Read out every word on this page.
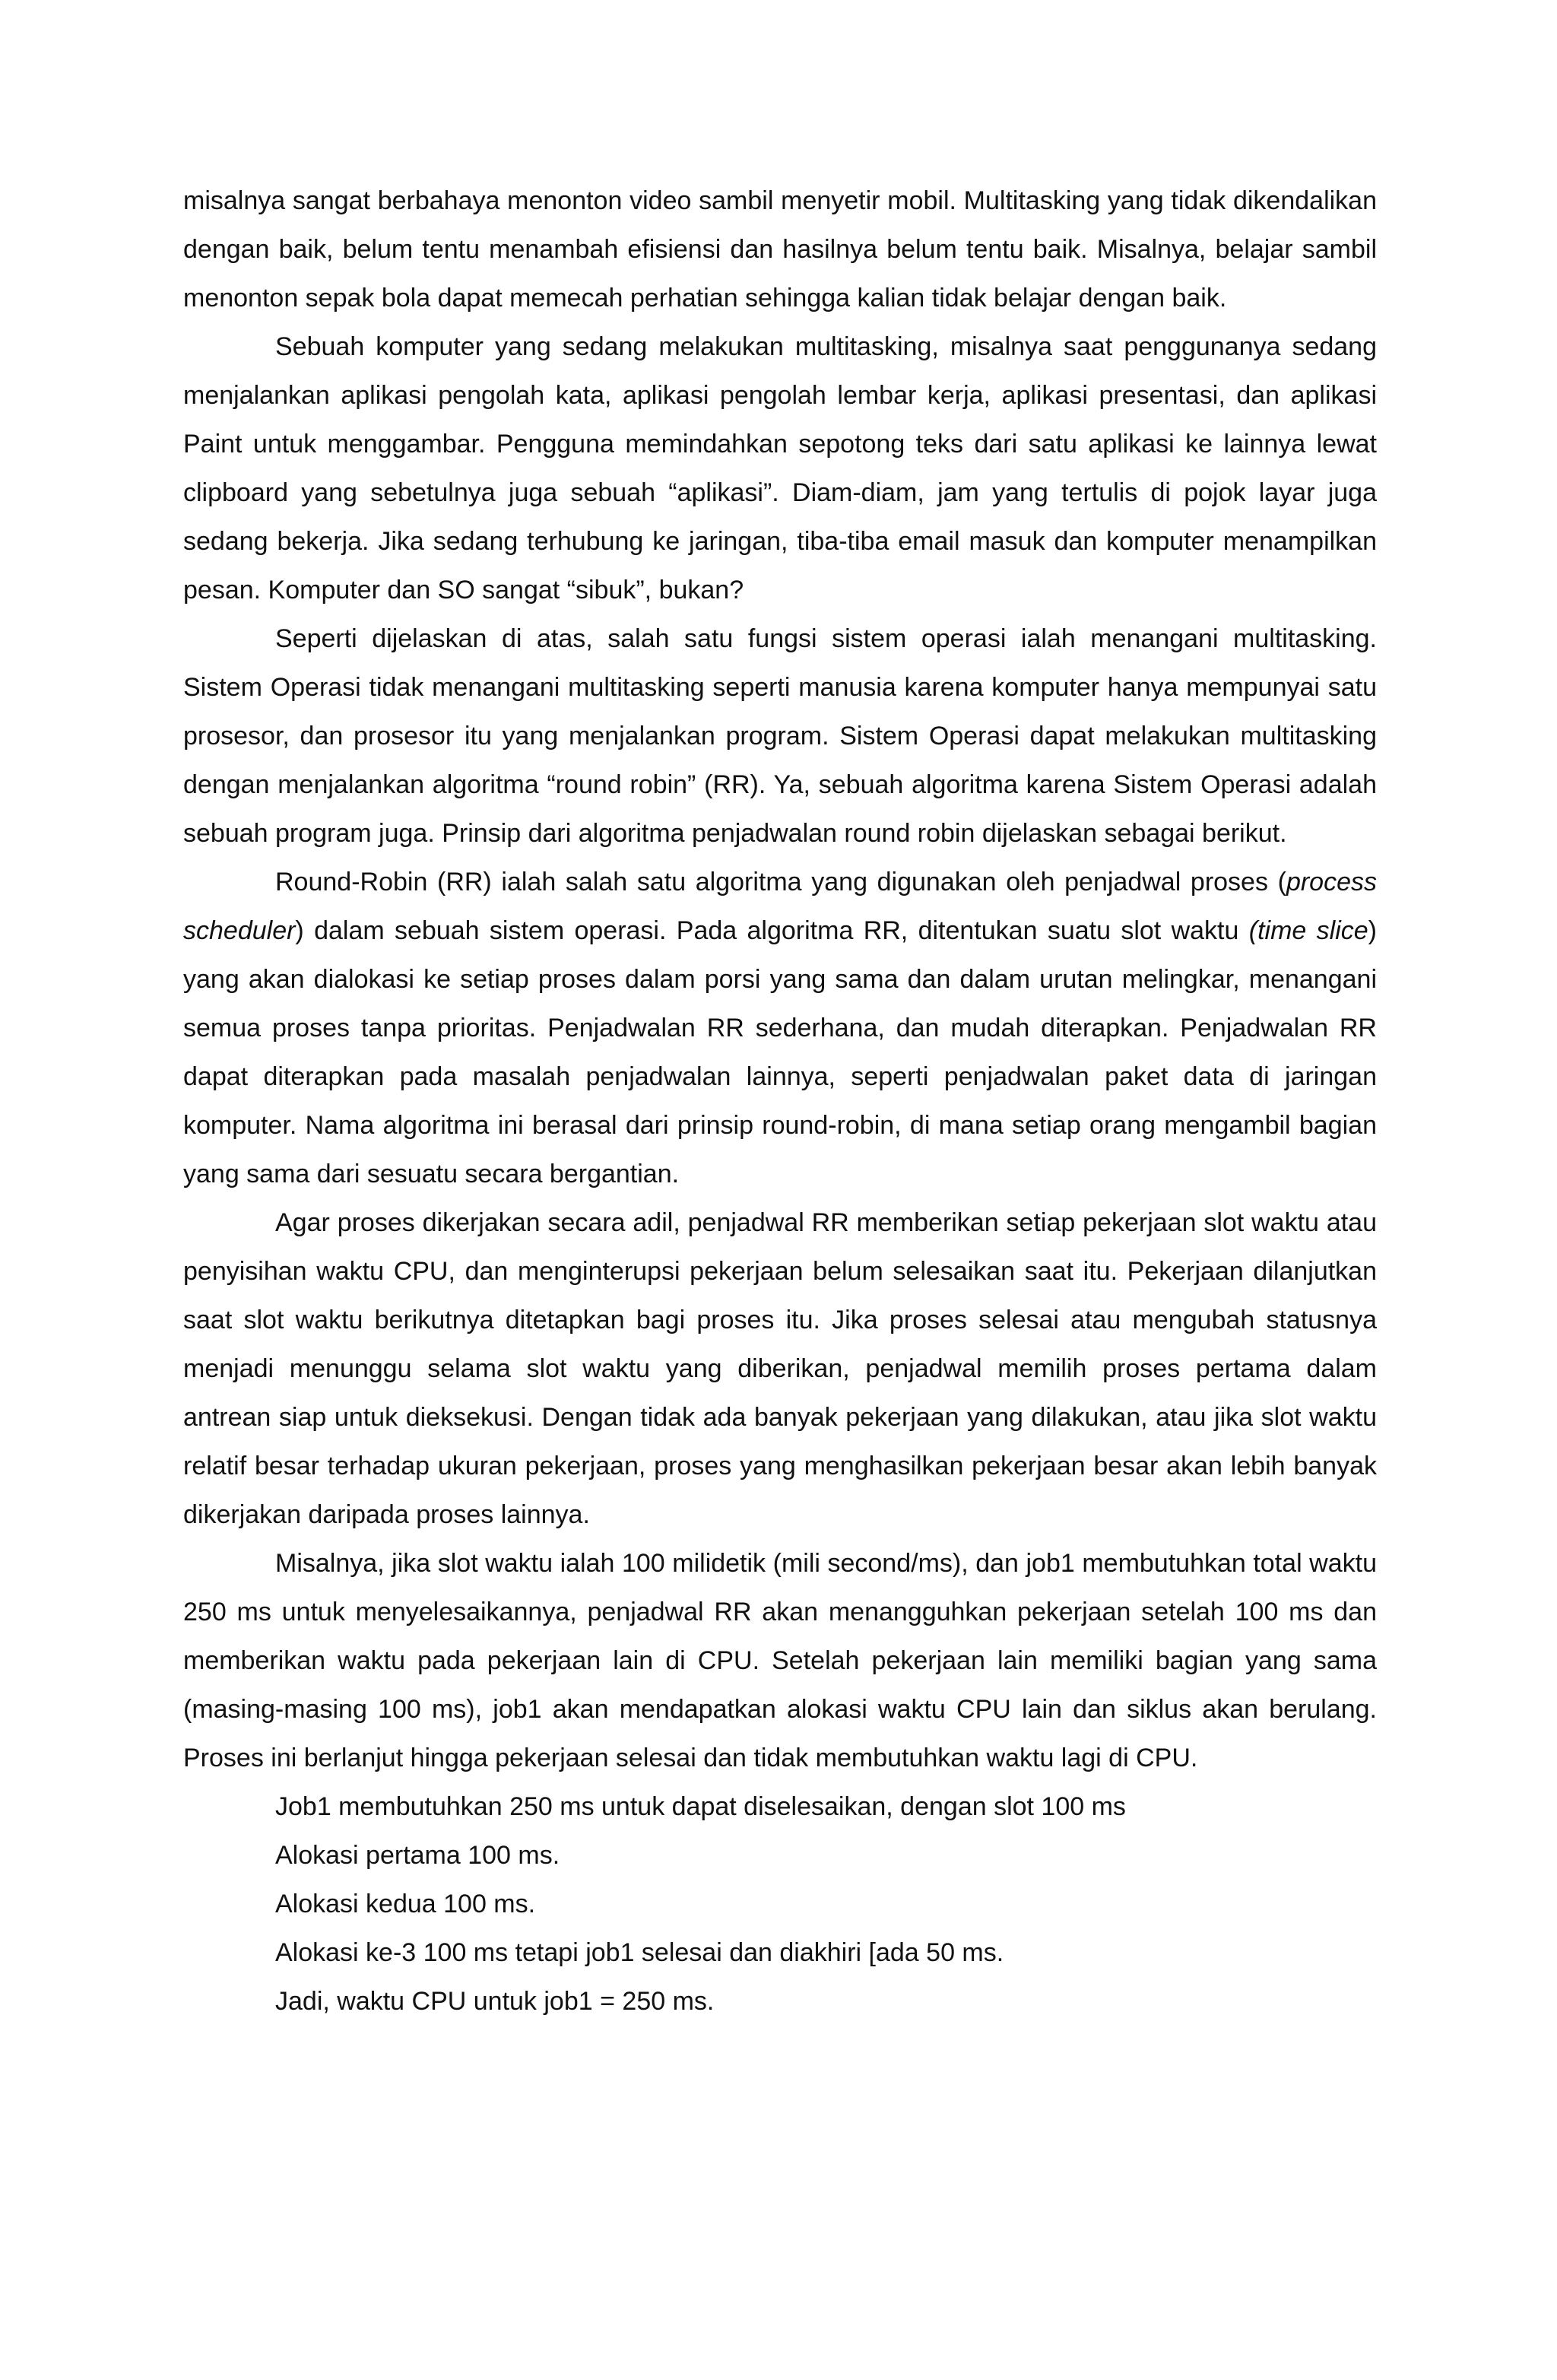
misalnya sangat berbahaya menonton video sambil menyetir mobil. Multitasking yang tidak dikendalikan dengan baik, belum tentu menambah efisiensi dan hasilnya belum tentu baik. Misalnya, belajar sambil menonton sepak bola dapat memecah perhatian sehingga kalian tidak belajar dengan baik.

Sebuah komputer yang sedang melakukan multitasking, misalnya saat penggunanya sedang menjalankan aplikasi pengolah kata, aplikasi pengolah lembar kerja, aplikasi presentasi, dan aplikasi Paint untuk menggambar. Pengguna memindahkan sepotong teks dari satu aplikasi ke lainnya lewat clipboard yang sebetulnya juga sebuah “aplikasi”. Diam-diam, jam yang tertulis di pojok layar juga sedang bekerja. Jika sedang terhubung ke jaringan, tiba-tiba email masuk dan komputer menampilkan pesan. Komputer dan SO sangat “sibuk”, bukan?

Seperti dijelaskan di atas, salah satu fungsi sistem operasi ialah menangani multitasking. Sistem Operasi tidak menangani multitasking seperti manusia karena komputer hanya mempunyai satu prosesor, dan prosesor itu yang menjalankan program. Sistem Operasi dapat melakukan multitasking dengan menjalankan algoritma “round robin” (RR). Ya, sebuah algoritma karena Sistem Operasi adalah sebuah program juga. Prinsip dari algoritma penjadwalan round robin dijelaskan sebagai berikut.

Round-Robin (RR) ialah salah satu algoritma yang digunakan oleh penjadwal proses (process scheduler) dalam sebuah sistem operasi. Pada algoritma RR, ditentukan suatu slot waktu (time slice) yang akan dialokasi ke setiap proses dalam porsi yang sama dan dalam urutan melingkar, menangani semua proses tanpa prioritas. Penjadwalan RR sederhana, dan mudah diterapkan. Penjadwalan RR dapat diterapkan pada masalah penjadwalan lainnya, seperti penjadwalan paket data di jaringan komputer. Nama algoritma ini berasal dari prinsip round-robin, di mana setiap orang mengambil bagian yang sama dari sesuatu secara bergantian.

Agar proses dikerjakan secara adil, penjadwal RR memberikan setiap pekerjaan slot waktu atau penyisihan waktu CPU, dan menginterupsi pekerjaan belum selesaikan saat itu. Pekerjaan dilanjutkan saat slot waktu berikutnya ditetapkan bagi proses itu. Jika proses selesai atau mengubah statusnya menjadi menunggu selama slot waktu yang diberikan, penjadwal memilih proses pertama dalam antrean siap untuk dieksekusi. Dengan tidak ada banyak pekerjaan yang dilakukan, atau jika slot waktu relatif besar terhadap ukuran pekerjaan, proses yang menghasilkan pekerjaan besar akan lebih banyak dikerjakan daripada proses lainnya.

Misalnya, jika slot waktu ialah 100 milidetik (mili second/ms), dan job1 membutuhkan total waktu 250 ms untuk menyelesaikannya, penjadwal RR akan menangguhkan pekerjaan setelah 100 ms dan memberikan waktu pada pekerjaan lain di CPU. Setelah pekerjaan lain memiliki bagian yang sama (masing-masing 100 ms), job1 akan mendapatkan alokasi waktu CPU lain dan siklus akan berulang. Proses ini berlanjut hingga pekerjaan selesai dan tidak membutuhkan waktu lagi di CPU.

Job1 membutuhkan 250 ms untuk dapat diselesaikan, dengan slot 100 ms
Alokasi pertama 100 ms.
Alokasi kedua 100 ms.
Alokasi ke-3 100 ms tetapi job1 selesai dan diakhiri [ada 50 ms.
Jadi, waktu CPU untuk job1 = 250 ms.
